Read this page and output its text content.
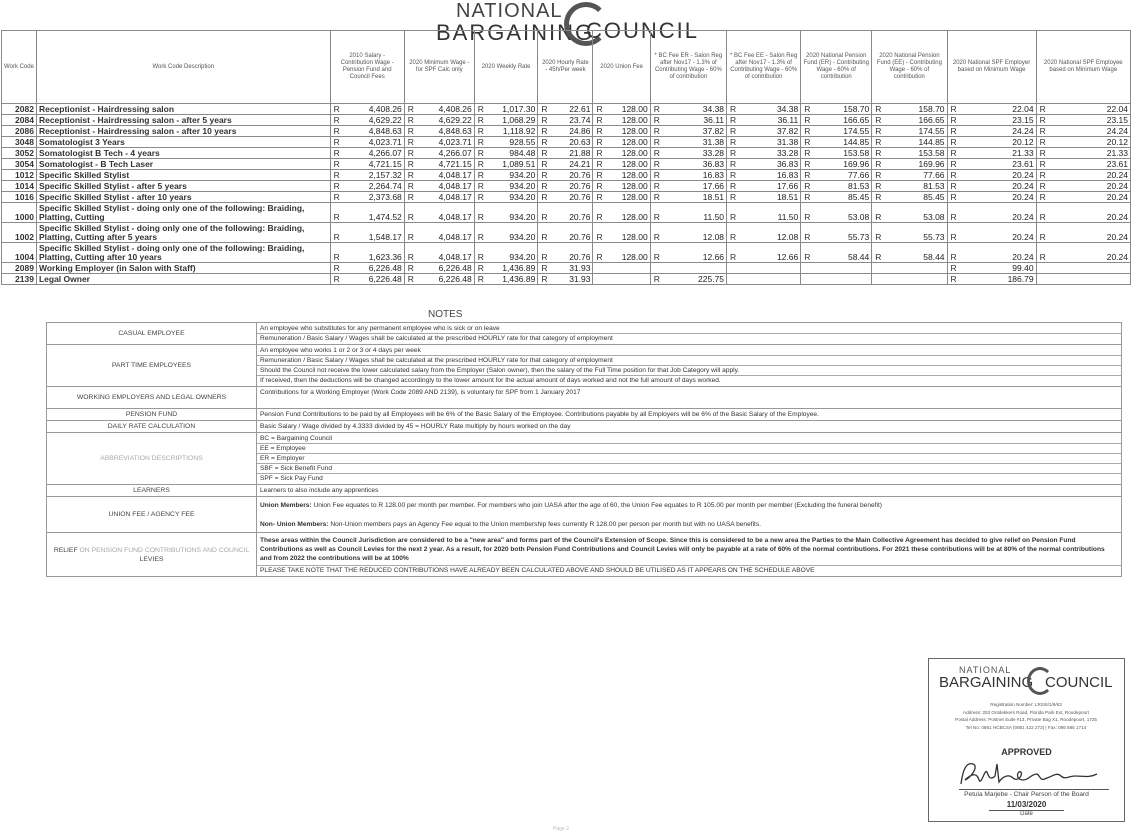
NATIONAL
BARGAINING
COUNCIL
Work Code	Work Code Description	2010 Salary - Contribution Wage - Pension Fund and Council Fees		2020 Minimum Wage - for SPF Calc only		2020 Weekly Rate		2020 Hourly Rate - 45h/Per week		2020 Union Fee		* BC Fee ER - Salon Reg after Nov17 - 1.3% of Contributing Wage - 60% of contribution		* BC Fee EE - Salon Reg after Nov17 - 1.3% of Contributing Wage - 60% of contribution		2020 National Pension Fund (ER) - Contributing Wage - 60% of contribution		2020 National Pension Fund (EE) - Contributing Wage - 60% of contribution		2020 National SPF Employer based on Minimum Wage		2020 National SPF Employee based on Minimum Wage	
2082	Receptionist - Hairdressing salon	R	4,408.26	R	4,408.26	R	1,017.30	R	22.61	R	128.00	R	34.38	R	34.38	R	158.70	R	158.70	R	22.04	R	22.04
2084	Receptionist - Hairdressing salon - after 5 years	R	4,629.22	R	4,629.22	R	1,068.29	R	23.74	R	128.00	R	36.11	R	36.11	R	166.65	R	166.65	R	23.15	R	23.15
2086	Receptionist - Hairdressing salon - after 10 years	R	4,848.63	R	4,848.63	R	1,118.92	R	24.86	R	128.00	R	37.82	R	37.82	R	174.55	R	174.55	R	24.24	R	24.24
3048	Somatologist 3 Years	R	4,023.71	R	4,023.71	R	928.55	R	20.63	R	128.00	R	31.38	R	31.38	R	144.85	R	144.85	R	20.12	R	20.12
3052	Somatologist B Tech - 4 years	R	4,266.07	R	4,266.07	R	984.48	R	21.88	R	128.00	R	33.28	R	33.28	R	153.58	R	153.58	R	21.33	R	21.33
3054	Somatologist - B Tech Laser	R	4,721.15	R	4,721.15	R	1,089.51	R	24.21	R	128.00	R	36.83	R	36.83	R	169.96	R	169.96	R	23.61	R	23.61
1012	Specific Skilled Stylist	R	2,157.32	R	4,048.17	R	934.20	R	20.76	R	128.00	R	16.83	R	16.83	R	77.66	R	77.66	R	20.24	R	20.24
1014	Specific Skilled Stylist - after 5 years	R	2,264.74	R	4,048.17	R	934.20	R	20.76	R	128.00	R	17.66	R	17.66	R	81.53	R	81.53	R	20.24	R	20.24
1016	Specific Skilled Stylist - after 10 years	R	2,373.68	R	4,048.17	R	934.20	R	20.76	R	128.00	R	18.51	R	18.51	R	85.45	R	85.45	R	20.24	R	20.24
1000	Specific Skilled Stylist - doing only one of the following: Braiding, Platting, Cutting	R	1,474.52	R	4,048.17	R	934.20	R	20.76	R	128.00	R	11.50	R	11.50	R	53.08	R	53.08	R	20.24	R	20.24
1002	Specific Skilled Stylist - doing only one of the following: Braiding, Platting, Cutting after 5 years	R	1,548.17	R	4,048.17	R	934.20	R	20.76	R	128.00	R	12.08	R	12.08	R	55.73	R	55.73	R	20.24	R	20.24
1004	Specific Skilled Stylist - doing only one of the following: Braiding, Platting, Cutting after 10 years	R	1,623.36	R	4,048.17	R	934.20	R	20.76	R	128.00	R	12.66	R	12.66	R	58.44	R	58.44	R	20.24	R	20.24
2089	Working Employer (in Salon with Staff)	R	6,226.48	R	6,226.48	R	1,436.89	R	31.93											R	99.40		
2139	Legal Owner	R	6,226.48	R	6,226.48	R	1,436.89	R	31.93			R	225.75							R	186.79		
NOTES
CASUAL EMPLOYEE	An employee who substitutes for any permanent employee who is sick or on leave
Remuneration / Basic Salary / Wages shall be calculated at the prescribed HOURLY rate for that category of employment

PART TIME EMPLOYEES	An employee who works 1 or 2 or 3 or 4 days per week
Remuneration / Basic Salary / Wages shall be calculated at the prescribed HOURLY rate for that category of employment
Should the Council not receive the lower calculated salary from the Employer (Salon owner), then the salary of the Full Time position for that Job Category will apply.
If received, then the deductions will be changed accordingly to the lower amount for the actual amount of days worked and not the full amount of days worked.

WORKING EMPLOYERS AND LEGAL OWNERS	Contributions for a Working Employer (Work Code 2089 AND 2139), is voluntary for SPF from 1 January 2017

PENSION FUND	Pension Fund Contributions to be paid by all Employees will be 6% of the Basic Salary of the Employee. Contributions payable by all Employers will be 6% of the Basic Salary of the Employee.
DAILY RATE CALCULATION	Basic Salary / Wage divided by 4.3333 divided by 45 = HOURLY Rate multiply by hours worked on the day
ABBREVIATION DESCRIPTIONS	BC = Bargaining Council
EE = Employee
ER = Employer
SBF = Sick Benefit Fund
SPF = Sick Pay Fund

LEARNERS	Learners to also include any apprentices
UNION FEE / AGENCY FEE	Union Members: Union Fee equates to R 128.00 per month per member. For members who join UASA after the age of 60, the Union Fee equates to R 105.00 per month per member (Excluding the funeral benefit)
Non- Union Members: Non-Union members pays an Agency Fee equal to the Union membership fees currently R 128.00 per person per month but with no UASA benefits.

RELIEF ON PENSION FUND CONTRIBUTIONS AND COUNCIL LEVIES	These areas within the Council Jurisdiction are considered to be a "new area" and forms part of the Council's Extension of Scope. Since this is considered to be a new area the Parties to the Main Collective Agreement has decided to give relief on Pension Fund Contributions as well as Council Levies for the next 2 year. As a result, for 2020 both Pension Fund Contributions and Council Levies will only be payable at a rate of 60% of the normal contributions. For 2021 these contributions will be at 80% of the normal contributions and from 2022 the contributions will be at 100%
PLEASE TAKE NOTE THAT THE REDUCED CONTRIBUTIONS HAVE ALREADY BEEN CALCULATED ABOVE AND SHOULD BE UTILISED AS IT APPEARS ON THE SCHEDULE ABOVE
NATIONAL
BARGAINING COUNCIL
Registration Number: LRS/6/1/9/63
Address: 253 Ontdekkers Road, Florida Park Ext, Roodepoort
Postal Address: Postnet Suite #13, Private Bag X1, Roodepoort, 1725
Tel No: 0861 HCBCSA (0861 422 272) | Fax: 086 585 1714
APPROVED
Petula Marjebe - Chair Person of the Board
11/03/2020
Date
Page 2
